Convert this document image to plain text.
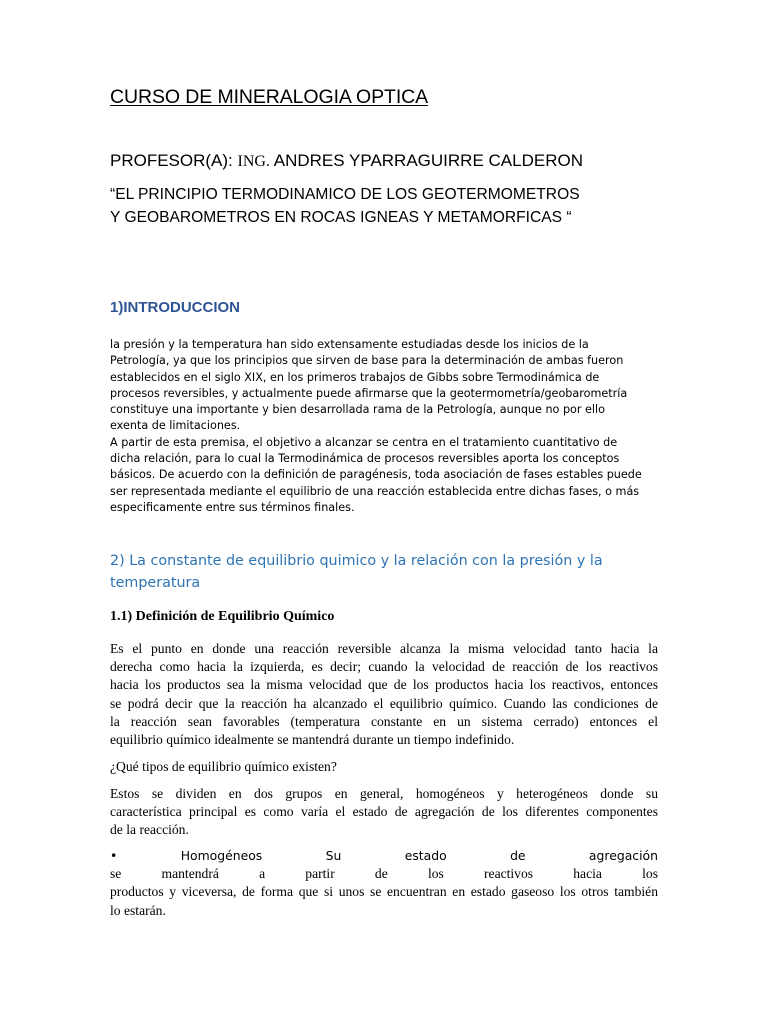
CURSO DE MINERALOGIA OPTICA
PROFESOR(A): ING. ANDRES YPARRAGUIRRE CALDERON
“EL PRINCIPIO TERMODINAMICO DE LOS GEOTERMOMETROS
Y GEOBAROMETROS EN ROCAS IGNEAS Y METAMORFICAS “
1)INTRODUCCION
la presión y la temperatura han sido extensamente estudiadas desde los inicios de la
Petrología, ya que los principios que sirven de base para la determinación de ambas fueron
establecidos en el siglo XIX, en los primeros trabajos de Gibbs sobre Termodinámica de
procesos reversibles, y actualmente puede afirmarse que la geotermometría/geobarometría
constituye una importante y bien desarrollada rama de la Petrología, aunque no por ello
exenta de limitaciones.
A partir de esta premisa, el objetivo a alcanzar se centra en el tratamiento cuantitativo de
dicha relación, para lo cual la Termodinámica de procesos reversibles aporta los conceptos
básicos. De acuerdo con la definición de paragénesis, toda asociación de fases estables puede
ser representada mediante el equilibrio de una reacción establecida entre dichas fases, o más
especificamente entre sus términos finales.
2) La constante de equilibrio quimico y la relación con la presión y la
temperatura
1.1) Definición de Equilibrio Químico
Es el punto en donde una reacción reversible alcanza la misma velocidad tanto hacia la
derecha como hacia la izquierda, es decir; cuando la velocidad de reacción de los reactivos
hacia los productos sea la misma velocidad que de los productos hacia los reactivos, entonces
se podrá decir que la reacción ha alcanzado el equilibrio químico. Cuando las condiciones de
la reacción sean favorables (temperatura constante en un sistema cerrado) entonces el
equilibrio químico idealmente se mantendrá durante un tiempo indefinido.
¿Qué tipos de equilibrio químico existen?
Estos se dividen en dos grupos en general, homogéneos y heterogéneos donde su
característica principal es como varía el estado de agregación de los diferentes componentes
de la reacción.
• Homogéneos Su estado de agregación
se mantendrá a partir de los reactivos hacia los
productos y viceversa, de forma que si unos se encuentran en estado gaseoso los otros también
lo estarán.
